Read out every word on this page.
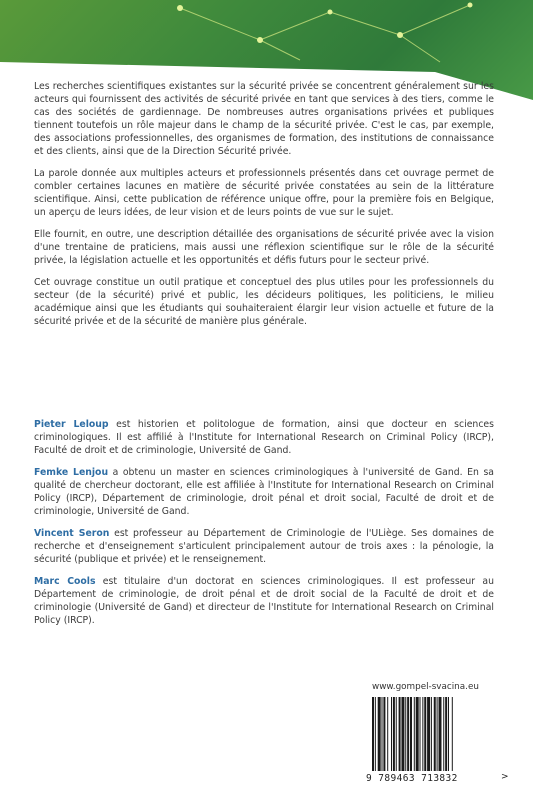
Les recherches scientifiques existantes sur la sécurité privée se concentrent généralement sur les acteurs qui fournissent des activités de sécurité privée en tant que services à des tiers, comme le cas des sociétés de gardiennage. De nombreuses autres organisations privées et publiques tiennent toutefois un rôle majeur dans le champ de la sécurité privée. C'est le cas, par exemple, des associations professionnelles, des organismes de formation, des institutions de connaissance et des clients, ainsi que de la Direction Sécurité privée.

La parole donnée aux multiples acteurs et professionnels présentés dans cet ouvrage permet de combler certaines lacunes en matière de sécurité privée constatées au sein de la littérature scientifique. Ainsi, cette publication de référence unique offre, pour la première fois en Belgique, un aperçu de leurs idées, de leur vision et de leurs points de vue sur le sujet.

Elle fournit, en outre, une description détaillée des organisations de sécurité privée avec la vision d'une trentaine de praticiens, mais aussi une réflexion scientifique sur le rôle de la sécurité privée, la législation actuelle et les opportunités et défis futurs pour le secteur privé.

Cet ouvrage constitue un outil pratique et conceptuel des plus utiles pour les professionnels du secteur (de la sécurité) privé et public, les décideurs politiques, les politiciens, le milieu académique ainsi que les étudiants qui souhaiteraient élargir leur vision actuelle et future de la sécurité privée et de la sécurité de manière plus générale.

Pieter Leloup est historien et politologue de formation, ainsi que docteur en sciences criminologiques. Il est affilié à l'Institute for International Research on Criminal Policy (IRCP), Faculté de droit et de criminologie, Université de Gand.

Femke Lenjou a obtenu un master en sciences criminologiques à l'université de Gand. En sa qualité de chercheur doctorant, elle est affiliée à l'Institute for International Research on Criminal Policy (IRCP), Département de criminologie, droit pénal et droit social, Faculté de droit et de criminologie, Université de Gand.

Vincent Seron est professeur au Département de Criminologie de l'ULiège. Ses domaines de recherche et d'enseignement s'articulent principalement autour de trois axes : la pénologie, la sécurité (publique et privée) et le renseignement.

Marc Cools est titulaire d'un doctorat en sciences criminologiques. Il est professeur au Département de criminologie, de droit pénal et de droit social de la Faculté de droit et de criminologie (Université de Gand) et directeur de l'Institute for International Research on Criminal Policy (IRCP).

www.gompel-svacina.eu
9 789463 713832	>
